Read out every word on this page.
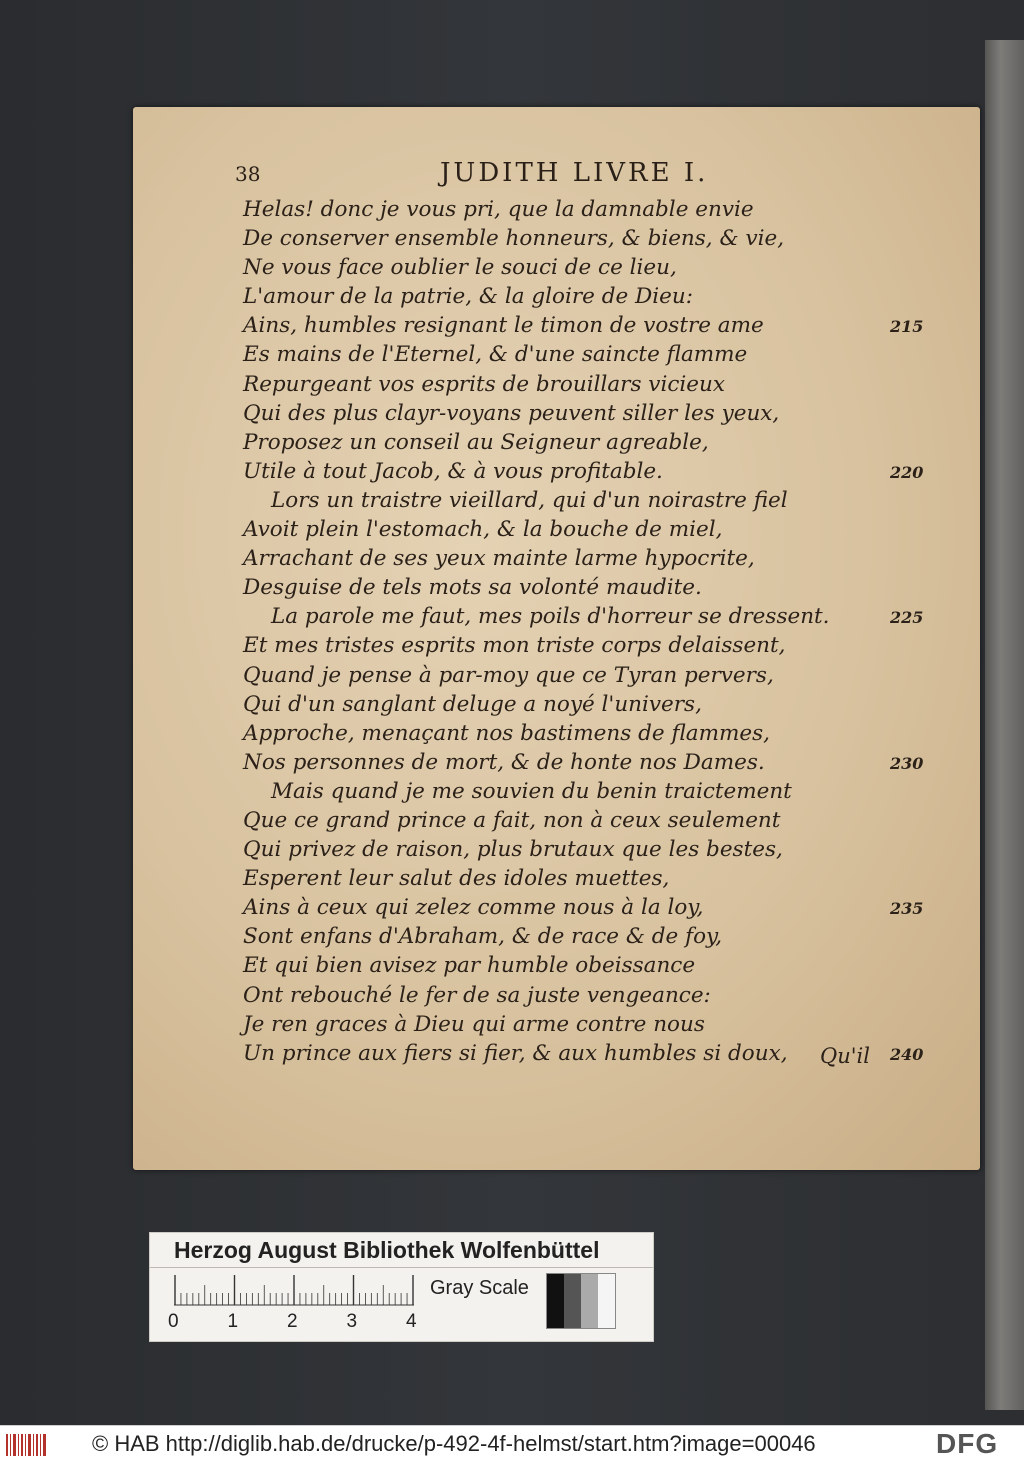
38	JUDITH LIVRE I.
Helas! donc je vous pri, que la damnable envie
De conserver ensemble honneurs, & biens, & vie,
Ne vous face oublier le souci de ce lieu,
L'amour de la patrie, & la gloire de Dieu:
Ains, humbles resignant le timon de vostre ame
Es mains de l'Eternel, & d'une saincte flamme
Repurgeant vos esprits de brouillars vicieux
Qui des plus clayr-voyans peuvent siller les yeux,
Proposez un conseil au Seigneur agreable,
Utile à tout Jacob, & à vous profitable.
Lors un traistre vieillard, qui d'un noirastre fiel
Avoit plein l'estomach, & la bouche de miel,
Arrachant de ses yeux mainte larme hypocrite,
Desguise de tels mots sa volonté maudite.
La parole me faut, mes poils d'horreur se dressent.
Et mes tristes esprits mon triste corps delaissent,
Quand je pense à par-moy que ce Tyran pervers,
Qui d'un sanglant deluge a noyé l'univers,
Approche, menaçant nos bastimens de flammes,
Nos personnes de mort, & de honte nos Dames.
Mais quand je me souvien du benin traictement
Que ce grand prince a fait, non à ceux seulement
Qui privez de raison, plus brutaux que les bestes,
Esperent leur salut des idoles muettes,
Ains à ceux qui zelez comme nous à la loy,
Sont enfans d'Abraham, & de race & de foy,
Et qui bien avisez par humble obeissance
Ont rebouché le fer de sa juste vengeance:
Je ren graces à Dieu qui arme contre nous
Un prince aux fiers si fier, & aux humbles si doux,
215
220
225
230
235
240
Qu'il
Herzog August Bibliothek Wolfenbüttel
0	1	2	3	4
Gray Scale
© HAB http://diglib.hab.de/drucke/p-492-4f-helmst/start.htm?image=00046	DFG
